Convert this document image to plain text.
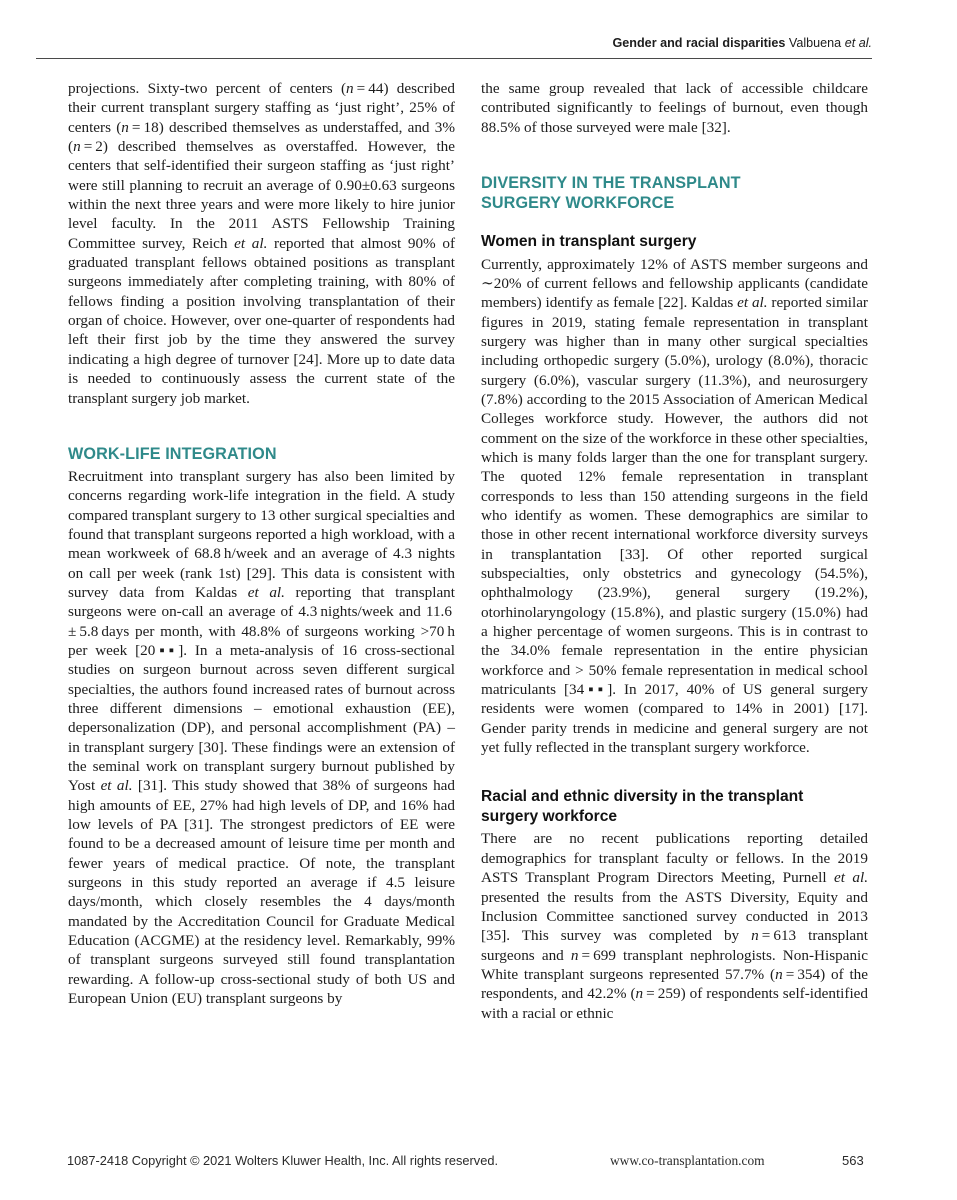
Gender and racial disparities Valbuena et al.

projections. Sixty-two percent of centers (n = 44) described their current transplant surgery staffing as ‘just right’, 25% of centers (n = 18) described themselves as understaffed, and 3% (n = 2) described themselves as overstaffed. However, the centers that self-identified their surgeon staffing as ‘just right’ were still planning to recruit an average of 0.90±0.63 surgeons within the next three years and were more likely to hire junior level faculty. In the 2011 ASTS Fellowship Training Committee survey, Reich et al. reported that almost 90% of graduated transplant fellows obtained positions as transplant surgeons immediately after completing training, with 80% of fellows finding a position involving transplantation of their organ of choice. However, over one-quarter of respondents had left their first job by the time they answered the survey indicating a high degree of turnover [24]. More up to date data is needed to continuously assess the current state of the transplant surgery job market.

WORK-LIFE INTEGRATION

Recruitment into transplant surgery has also been limited by concerns regarding work-life integration in the field. A study compared transplant surgery to 13 other surgical specialties and found that transplant surgeons reported a high workload, with a mean workweek of 68.8 h/week and an average of 4.3 nights on call per week (rank 1st) [29]. This data is consistent with survey data from Kaldas et al. reporting that transplant surgeons were on-call an average of 4.3 nights/week and 11.6 ± 5.8 days per month, with 48.8% of surgeons working >70 h per week [20▪▪]. In a meta-analysis of 16 cross-sectional studies on surgeon burnout across seven different surgical specialties, the authors found increased rates of burnout across three different dimensions – emotional exhaustion (EE), depersonalization (DP), and personal accomplishment (PA) – in transplant surgery [30]. These findings were an extension of the seminal work on transplant surgery burnout published by Yost et al. [31]. This study showed that 38% of surgeons had high amounts of EE, 27% had high levels of DP, and 16% had low levels of PA [31]. The strongest predictors of EE were found to be a decreased amount of leisure time per month and fewer years of medical practice. Of note, the transplant surgeons in this study reported an average if 4.5 leisure days/month, which closely resembles the 4 days/month mandated by the Accreditation Council for Graduate Medical Education (ACGME) at the residency level. Remarkably, 99% of transplant surgeons surveyed still found transplantation rewarding. A follow-up cross-sectional study of both US and European Union (EU) transplant surgeons by

the same group revealed that lack of accessible childcare contributed significantly to feelings of burnout, even though 88.5% of those surveyed were male [32].

DIVERSITY IN THE TRANSPLANT
SURGERY WORKFORCE
Women in transplant surgery

Currently, approximately 12% of ASTS member surgeons and ∼20% of current fellows and fellowship applicants (candidate members) identify as female [22]. Kaldas et al. reported similar figures in 2019, stating female representation in transplant surgery was higher than in many other surgical specialties including orthopedic surgery (5.0%), urology (8.0%), thoracic surgery (6.0%), vascular surgery (11.3%), and neurosurgery (7.8%) according to the 2015 Association of American Medical Colleges workforce study. However, the authors did not comment on the size of the workforce in these other specialties, which is many folds larger than the one for transplant surgery. The quoted 12% female representation in transplant corresponds to less than 150 attending surgeons in the field who identify as women. These demographics are similar to those in other recent international workforce diversity surveys in transplantation [33]. Of other reported surgical subspecialties, only obstetrics and gynecology (54.5%), ophthalmology (23.9%), general surgery (19.2%), otorhinolaryngology (15.8%), and plastic surgery (15.0%) had a higher percentage of women surgeons. This is in contrast to the 34.0% female representation in the entire physician workforce and > 50% female representation in medical school matriculants [34▪▪]. In 2017, 40% of US general surgery residents were women (compared to 14% in 2001) [17]. Gender parity trends in medicine and general surgery are not yet fully reflected in the transplant surgery workforce.

Racial and ethnic diversity in the transplant
surgery workforce

There are no recent publications reporting detailed demographics for transplant faculty or fellows. In the 2019 ASTS Transplant Program Directors Meeting, Purnell et al. presented the results from the ASTS Diversity, Equity and Inclusion Committee sanctioned survey conducted in 2013 [35]. This survey was completed by n = 613 transplant surgeons and n = 699 transplant nephrologists. Non-Hispanic White transplant surgeons represented 57.7% (n = 354) of the respondents, and 42.2% (n = 259) of respondents self-identified with a racial or ethnic

1087-2418 Copyright © 2021 Wolters Kluwer Health, Inc. All rights reserved.	www.co-transplantation.com	563
